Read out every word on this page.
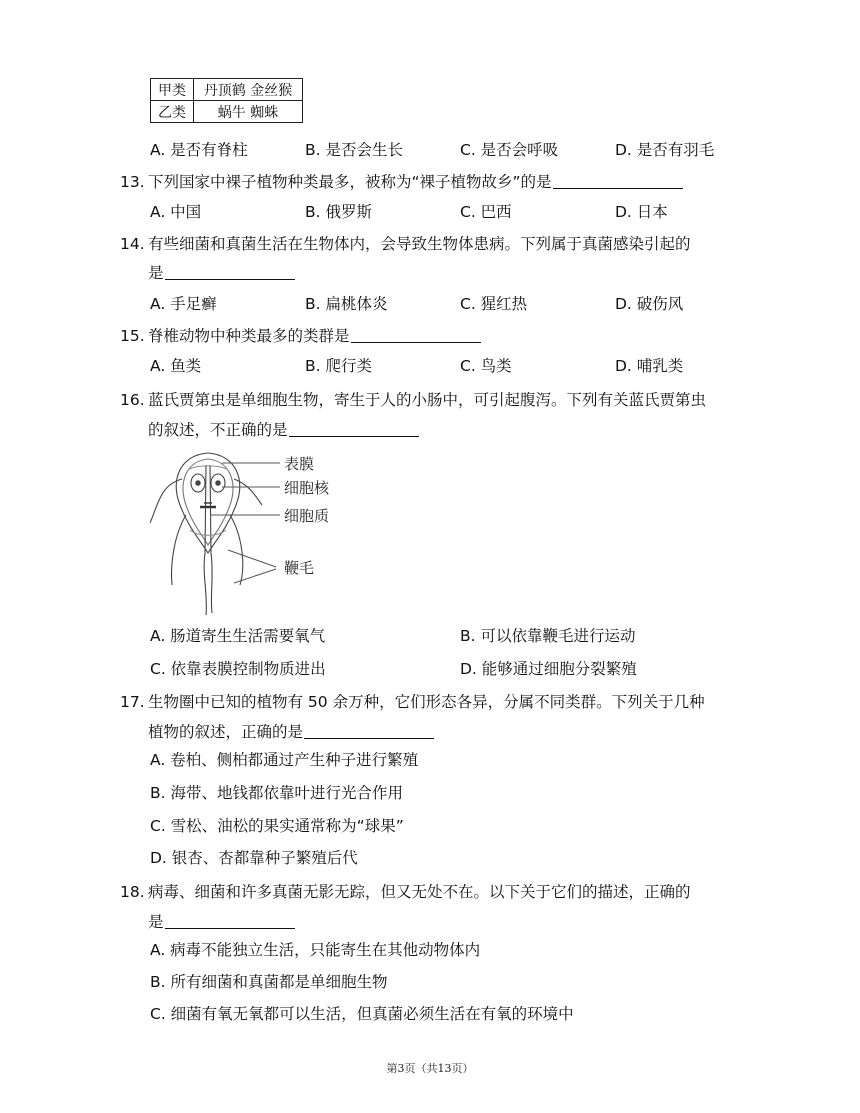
甲类	丹顶鹤 金丝猴
乙类	蜗牛 蜘蛛
A. 是否有脊柱	B. 是否会生长	C. 是否会呼吸	D. 是否有羽毛
13. 下列国家中裸子植物种类最多，被称为“裸子植物故乡”的是
A. 中国	B. 俄罗斯	C. 巴西	D. 日本
14. 有些细菌和真菌生活在生物体内，会导致生物体患病。下列属于真菌感染引起的
是
A. 手足癣	B. 扁桃体炎	C. 猩红热	D. 破伤风
15. 脊椎动物中种类最多的类群是
A. 鱼类	B. 爬行类	C. 鸟类	D. 哺乳类
16. 蓝氏贾第虫是单细胞生物，寄生于人的小肠中，可引起腹泻。下列有关蓝氏贾第虫
的叙述，不正确的是
表膜
细胞核
细胞质
鞭毛
A. 肠道寄生生活需要氧气	B. 可以依靠鞭毛进行运动
C. 依靠表膜控制物质进出	D. 能够通过细胞分裂繁殖
17. 生物圈中已知的植物有 50 余万种，它们形态各异，分属不同类群。下列关于几种
植物的叙述，正确的是
A. 卷柏、侧柏都通过产生种子进行繁殖
B. 海带、地钱都依靠叶进行光合作用
C. 雪松、油松的果实通常称为“球果”
D. 银杏、杏都靠种子繁殖后代
18. 病毒、细菌和许多真菌无影无踪，但又无处不在。以下关于它们的描述，正确的
是
A. 病毒不能独立生活，只能寄生在其他动物体内
B. 所有细菌和真菌都是单细胞生物
C. 细菌有氧无氧都可以生活，但真菌必须生活在有氧的环境中
第3页（共13页）
